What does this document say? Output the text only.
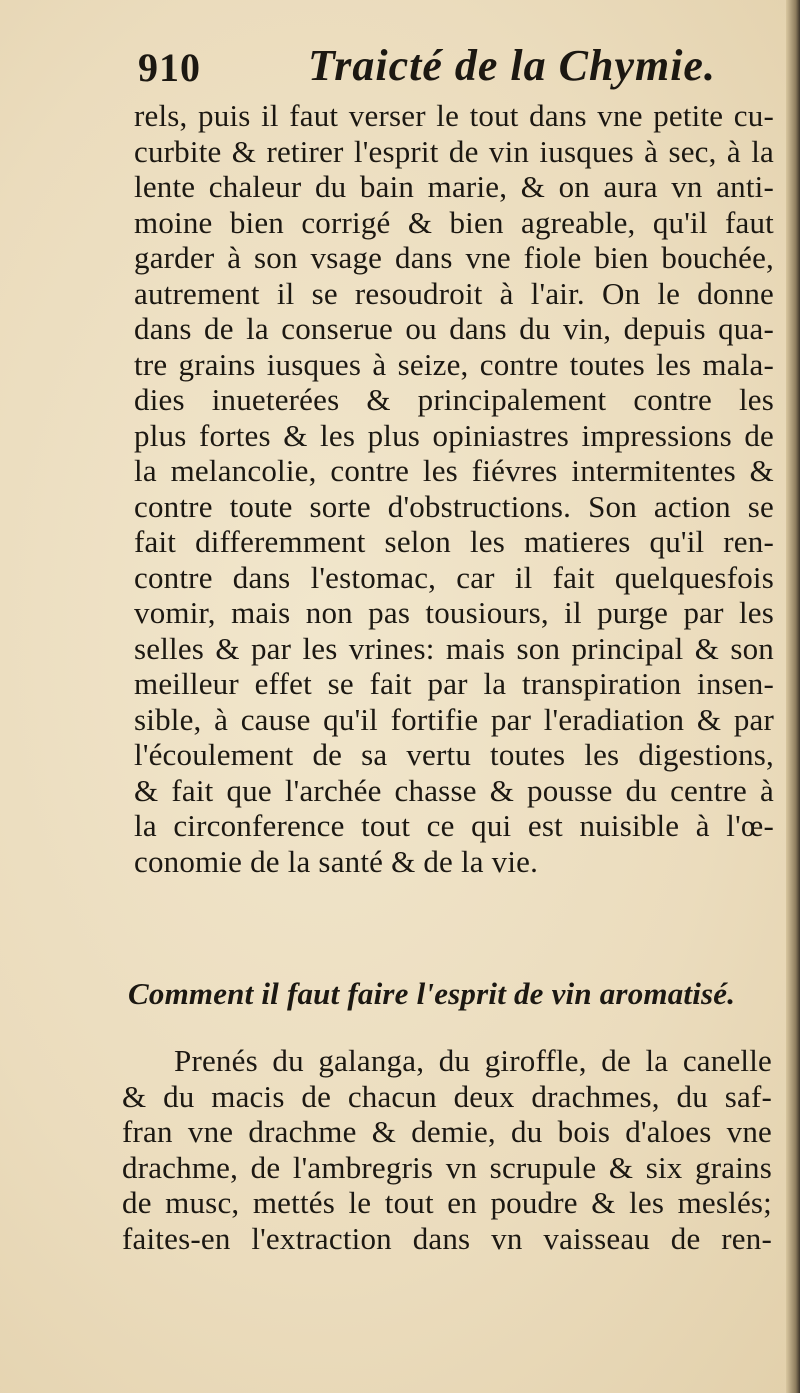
910 Traicté de la Chymie.
rels, puis il faut verser le tout dans vne petite cu-
curbite & retirer l'esprit de vin iusques à sec, à la
lente chaleur du bain marie, & on aura vn anti-
moine bien corrigé & bien agreable, qu'il faut
garder à son vsage dans vne fiole bien bouchée,
autrement il se resoudroit à l'air. On le donne
dans de la conserue ou dans du vin, depuis qua-
tre grains iusques à seize, contre toutes les mala-
dies inueterées & principalement contre les
plus fortes & les plus opiniastres impressions de
la melancolie, contre les fiévres intermitentes &
contre toute sorte d'obstructions. Son action se
fait differemment selon les matieres qu'il ren-
contre dans l'estomac, car il fait quelquesfois
vomir, mais non pas tousiours, il purge par les
selles & par les vrines: mais son principal & son
meilleur effet se fait par la transpiration insen-
sible, à cause qu'il fortifie par l'eradiation & par
l'écoulement de sa vertu toutes les digestions,
& fait que l'archée chasse & pousse du centre à
la circonference tout ce qui est nuisible à l'œ-
conomie de la santé & de la vie.
Comment il faut faire l'esprit de vin aromatisé.
Prenés du galanga, du giroffle, de la canelle
& du macis de chacun deux drachmes, du saf-
fran vne drachme & demie, du bois d'aloes vne
drachme, de l'ambregris vn scrupule & six grains
de musc, mettés le tout en poudre & les meslés;
faites-en l'extraction dans vn vaisseau de ren-
